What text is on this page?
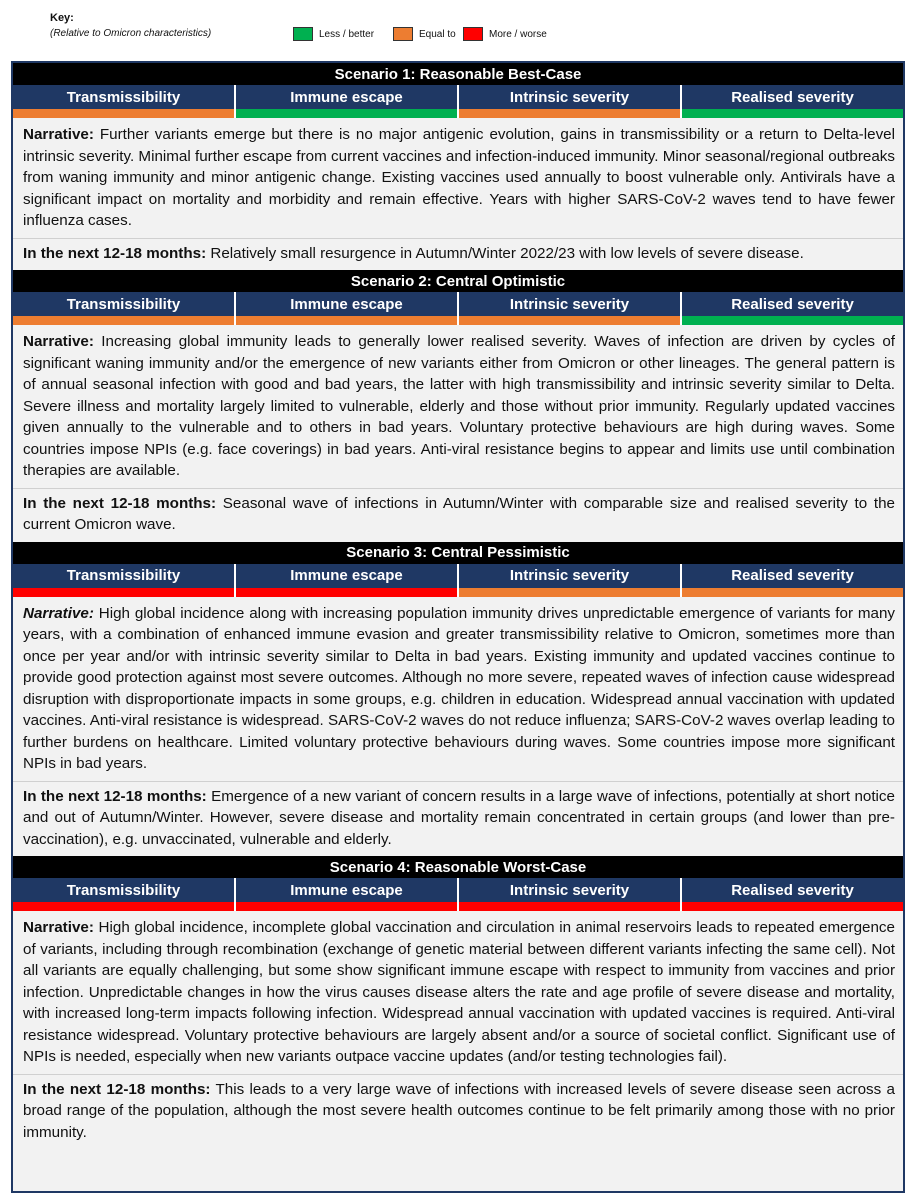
Key:
(Relative to Omicron characteristics)	Less / better	Equal to	More / worse
Scenario 1: Reasonable Best-Case
Transmissibility	Immune escape	Intrinsic severity	Realised severity
Narrative: Further variants emerge but there is no major antigenic evolution, gains in transmissibility or a return to Delta-level intrinsic severity. Minimal further escape from current vaccines and infection-induced immunity. Minor seasonal/regional outbreaks from waning immunity and minor antigenic change. Existing vaccines used annually to boost vulnerable only. Antivirals have a significant impact on mortality and morbidity and remain effective. Years with higher SARS-CoV-2 waves tend to have fewer influenza cases.
In the next 12-18 months: Relatively small resurgence in Autumn/Winter 2022/23 with low levels of severe disease.
Scenario 2: Central Optimistic
Transmissibility	Immune escape	Intrinsic severity	Realised severity
Narrative: Increasing global immunity leads to generally lower realised severity. Waves of infection are driven by cycles of significant waning immunity and/or the emergence of new variants either from Omicron or other lineages. The general pattern is of annual seasonal infection with good and bad years, the latter with high transmissibility and intrinsic severity similar to Delta. Severe illness and mortality largely limited to vulnerable, elderly and those without prior immunity. Regularly updated vaccines given annually to the vulnerable and to others in bad years. Voluntary protective behaviours are high during waves. Some countries impose NPIs (e.g. face coverings) in bad years. Anti-viral resistance begins to appear and limits use until combination therapies are available.
In the next 12-18 months: Seasonal wave of infections in Autumn/Winter with comparable size and realised severity to the current Omicron wave.
Scenario 3: Central Pessimistic
Transmissibility	Immune escape	Intrinsic severity	Realised severity
Narrative: High global incidence along with increasing population immunity drives unpredictable emergence of variants for many years, with a combination of enhanced immune evasion and greater transmissibility relative to Omicron, sometimes more than once per year and/or with intrinsic severity similar to Delta in bad years. Existing immunity and updated vaccines continue to provide good protection against most severe outcomes. Although no more severe, repeated waves of infection cause widespread disruption with disproportionate impacts in some groups, e.g. children in education. Widespread annual vaccination with updated vaccines. Anti-viral resistance is widespread. SARS-CoV-2 waves do not reduce influenza; SARS-CoV-2 waves overlap leading to further burdens on healthcare. Limited voluntary protective behaviours during waves. Some countries impose more significant NPIs in bad years.
In the next 12-18 months: Emergence of a new variant of concern results in a large wave of infections, potentially at short notice and out of Autumn/Winter. However, severe disease and mortality remain concentrated in certain groups (and lower than pre-vaccination), e.g. unvaccinated, vulnerable and elderly.
Scenario 4: Reasonable Worst-Case
Transmissibility	Immune escape	Intrinsic severity	Realised severity
Narrative: High global incidence, incomplete global vaccination and circulation in animal reservoirs leads to repeated emergence of variants, including through recombination (exchange of genetic material between different variants infecting the same cell). Not all variants are equally challenging, but some show significant immune escape with respect to immunity from vaccines and prior infection. Unpredictable changes in how the virus causes disease alters the rate and age profile of severe disease and mortality, with increased long-term impacts following infection. Widespread annual vaccination with updated vaccines is required. Anti-viral resistance widespread. Voluntary protective behaviours are largely absent and/or a source of societal conflict. Significant use of NPIs is needed, especially when new variants outpace vaccine updates (and/or testing technologies fail).
In the next 12-18 months: This leads to a very large wave of infections with increased levels of severe disease seen across a broad range of the population, although the most severe health outcomes continue to be felt primarily among those with no prior immunity.
